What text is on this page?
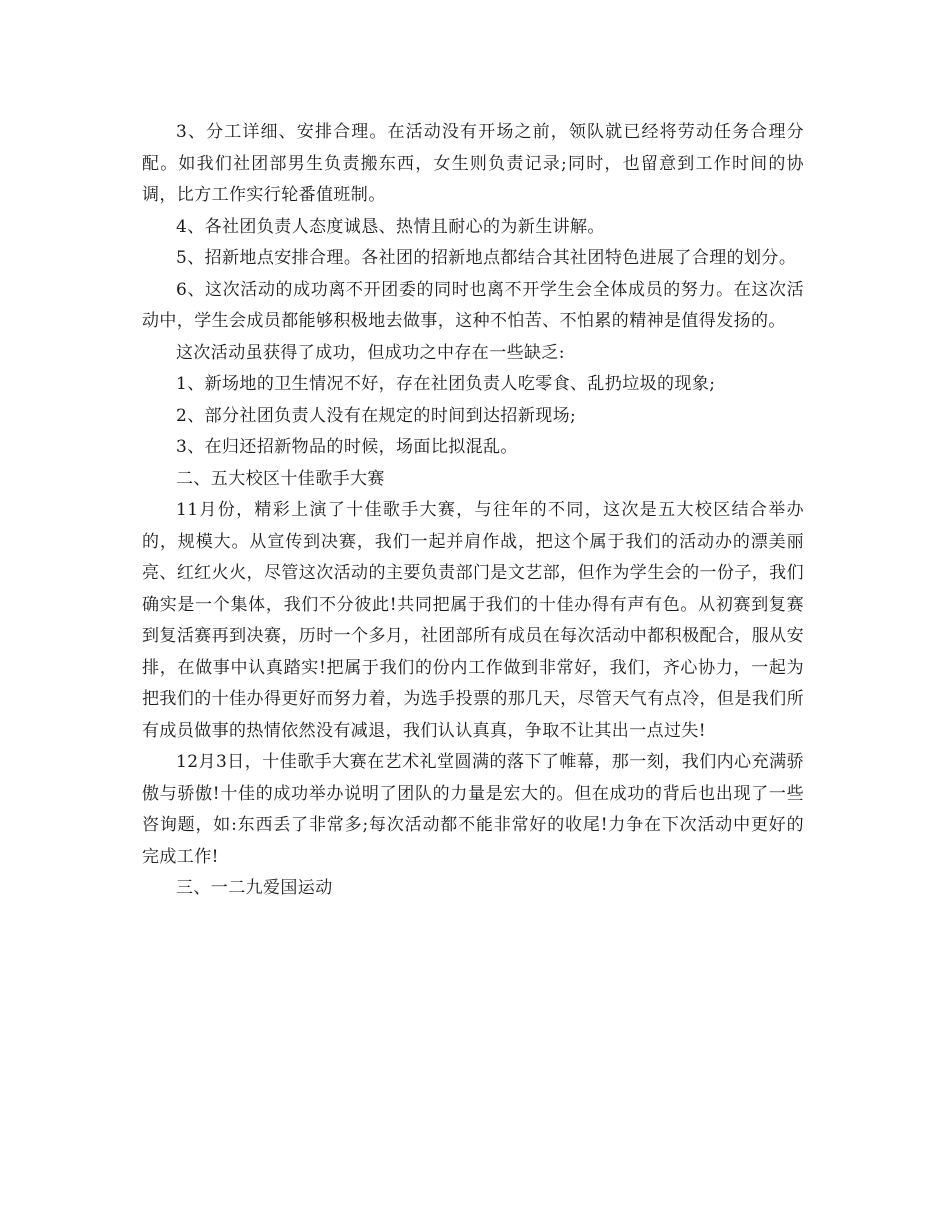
3、分工详细、安排合理。在活动没有开场之前，领队就已经将劳动任务合理分配。如我们社团部男生负责搬东西，女生则负责记录;同时，也留意到工作时间的协调，比方工作实行轮番值班制。

4、各社团负责人态度诚恳、热情且耐心的为新生讲解。

5、招新地点安排合理。各社团的招新地点都结合其社团特色进展了合理的划分。

6、这次活动的成功离不开团委的同时也离不开学生会全体成员的努力。在这次活动中，学生会成员都能够积极地去做事，这种不怕苦、不怕累的精神是值得发扬的。

这次活动虽获得了成功，但成功之中存在一些缺乏:

1、新场地的卫生情况不好，存在社团负责人吃零食、乱扔垃圾的现象;

2、部分社团负责人没有在规定的时间到达招新现场;

3、在归还招新物品的时候，场面比拟混乱。

二、五大校区十佳歌手大赛

11月份，精彩上演了十佳歌手大赛，与往年的不同，这次是五大校区结合举办的，规模大。从宣传到决赛，我们一起并肩作战，把这个属于我们的活动办的漂美丽亮、红红火火，尽管这次活动的主要负责部门是文艺部，但作为学生会的一份子，我们确实是一个集体，我们不分彼此!共同把属于我们的十佳办得有声有色。从初赛到复赛到复活赛再到决赛，历时一个多月，社团部所有成员在每次活动中都积极配合，服从安排，在做事中认真踏实!把属于我们的份内工作做到非常好，我们，齐心协力，一起为把我们的十佳办得更好而努力着，为选手投票的那几天，尽管天气有点冷，但是我们所有成员做事的热情依然没有减退，我们认认真真，争取不让其出一点过失!

12月3日，十佳歌手大赛在艺术礼堂圆满的落下了帷幕，那一刻，我们内心充满骄傲与骄傲!十佳的成功举办说明了团队的力量是宏大的。但在成功的背后也出现了一些咨询题，如:东西丢了非常多;每次活动都不能非常好的收尾!力争在下次活动中更好的完成工作!

三、一二九爱国运动
